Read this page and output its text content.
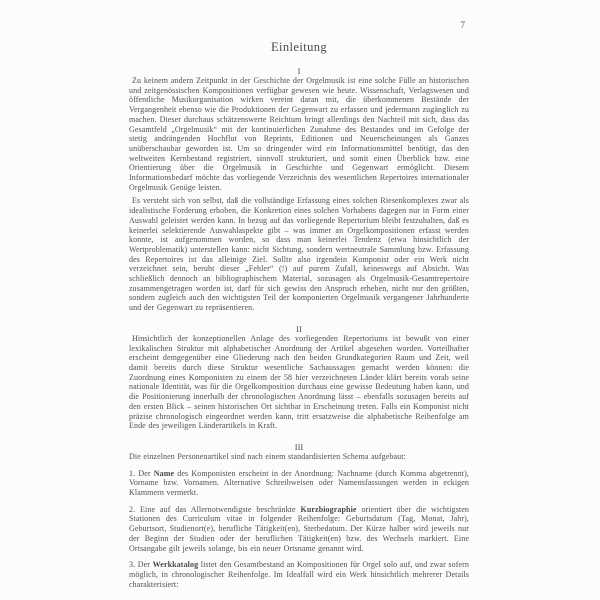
7
Einleitung
I

Zu keinem andern Zeitpunkt in der Geschichte der Orgelmusik ist eine solche Fülle an historischen und zeitgenössischen Kompositionen verfügbar gewesen wie heute. Wissenschaft, Verlagswesen und öffentliche Musikorganisation wirken vereint daran mit, die überkommenen Bestände der Vergangenheit ebenso wie die Produktionen der Gegenwart zu erfassen und jedermann zugänglich zu machen. Dieser durchaus schätzenswerte Reichtum bringt allerdings den Nachteil mit sich, dass das Gesamtfeld „Orgelmusik“ mit der kontinuierlichen Zunahme des Bestandes und im Gefolge der stetig andrängenden Hochflut von Reprints, Editionen und Neuerscheinungen als Ganzes unüberschaubar geworden ist. Um so dringender wird ein Informationsmittel benötigt, das den weltweiten Kernbestand registriert, sinnvoll strukturiert, und somit einen Überblick bzw. eine Orientierung über die Orgelmusik in Geschichte und Gegenwart ermöglicht. Diesem Informationsbedarf möchte das vorliegende Verzeichnis des wesentlichen Repertoires internationaler Orgelmusik Genüge leisten.

Es versteht sich von selbst, daß die vollständige Erfassung eines solchen Riesenkomplexes zwar als idealistische Forderung erhoben, die Konkretion eines solchen Vorhabens dagegen nur in Form einer Auswahl geleistet werden kann. In bezug auf das vorliegende Repertorium bleibt festzuhalten, daß es keinerlei selektierende Auswahlaspekte gibt – was immer an Orgelkompositionen erfasst werden konnte, ist aufgenommen worden, so dass man keinerlei Tendenz (etwa hinsichtlich der Wertproblematik) unterstellen kann: nicht Sichtung, sondern wertneutrale Sammlung bzw. Erfassung des Repertoires ist das alleinige Ziel. Sollte also irgendein Komponist oder ein Werk nicht verzeichnet sein, beruht dieser „Fehler“ (!) auf purem Zufall, keineswegs auf Absicht. Was schließlich dennoch an bibliographischem Material, sozusagen als Orgelmusik-Gesamtrepertoire zusammengetragen worden ist, darf für sich gewiss den Anspruch erheben, nicht nur den größten, sondern zugleich auch den wichtigsten Teil der komponierten Orgelmusik vergangener Jahrhunderte und der Gegenwart zu repräsentieren.

II

Hinsichtlich der konzeptionellen Anlage des vorliegenden Repertoriums ist bewußt von einer lexikalischen Struktur mit alphabetischer Anordnung der Artikel abgesehen worden. Vorteilhafter erscheint demgegenüber eine Gliederung nach den beiden Grundkategorien Raum und Zeit, weil damit bereits durch diese Struktur wesentliche Sachaussagen gemacht werden können: die Zuordnung eines Komponisten zu einem der 58 hier verzeichneten Länder klärt bereits vorab seine nationale Identität, was für die Orgelkomposition durchaus eine gewisse Bedeutung haben kann, und die Positionierung innerhalb der chronologischen Anordnung lässt – ebenfalls sozusagen bereits auf den ersten Blick – seinen historischen Ort sichtbar in Erscheinung treten. Falls ein Komponist nicht präzise chronologisch eingeordnet werden kann, tritt ersatzweise die alphabetische Reihenfolge am Ende des jeweiligen Länderartikels in Kraft.

III

Die einzelnen Personenartikel sind nach einem standardisierten Schema aufgebaut:

1. Der Name des Komponisten erscheint in der Anordnung: Nachname (durch Komma abgetrennt), Vorname bzw. Vornamen. Alternative Schreibweisen oder Namensfassungen werden in eckigen Klammern vermerkt.

2. Eine auf das Allernotwendigste beschränkte Kurzbiographie orientiert über die wichtigsten Stationen des Curriculum vitae in folgender Reihenfolge: Geburtsdatum (Tag, Monat, Jahr), Geburtsort, Studienort(e), berufliche Tätigkeit(en), Sterbedatum. Der Kürze halber wird jeweils nur der Beginn der Studien oder der beruflichen Tätigkeit(en) bzw. des Wechsels markiert. Eine Ortsangabe gilt jeweils solange, bis ein neuer Ortsname genannt wird.

3. Der Werkkatalog listet den Gesamtbestand an Kompositionen für Orgel solo auf, und zwar sofern möglich, in chronologischer Reihenfolge. Im Idealfall wird ein Werk hinsichtlich mehrerer Details charakterisiert:
